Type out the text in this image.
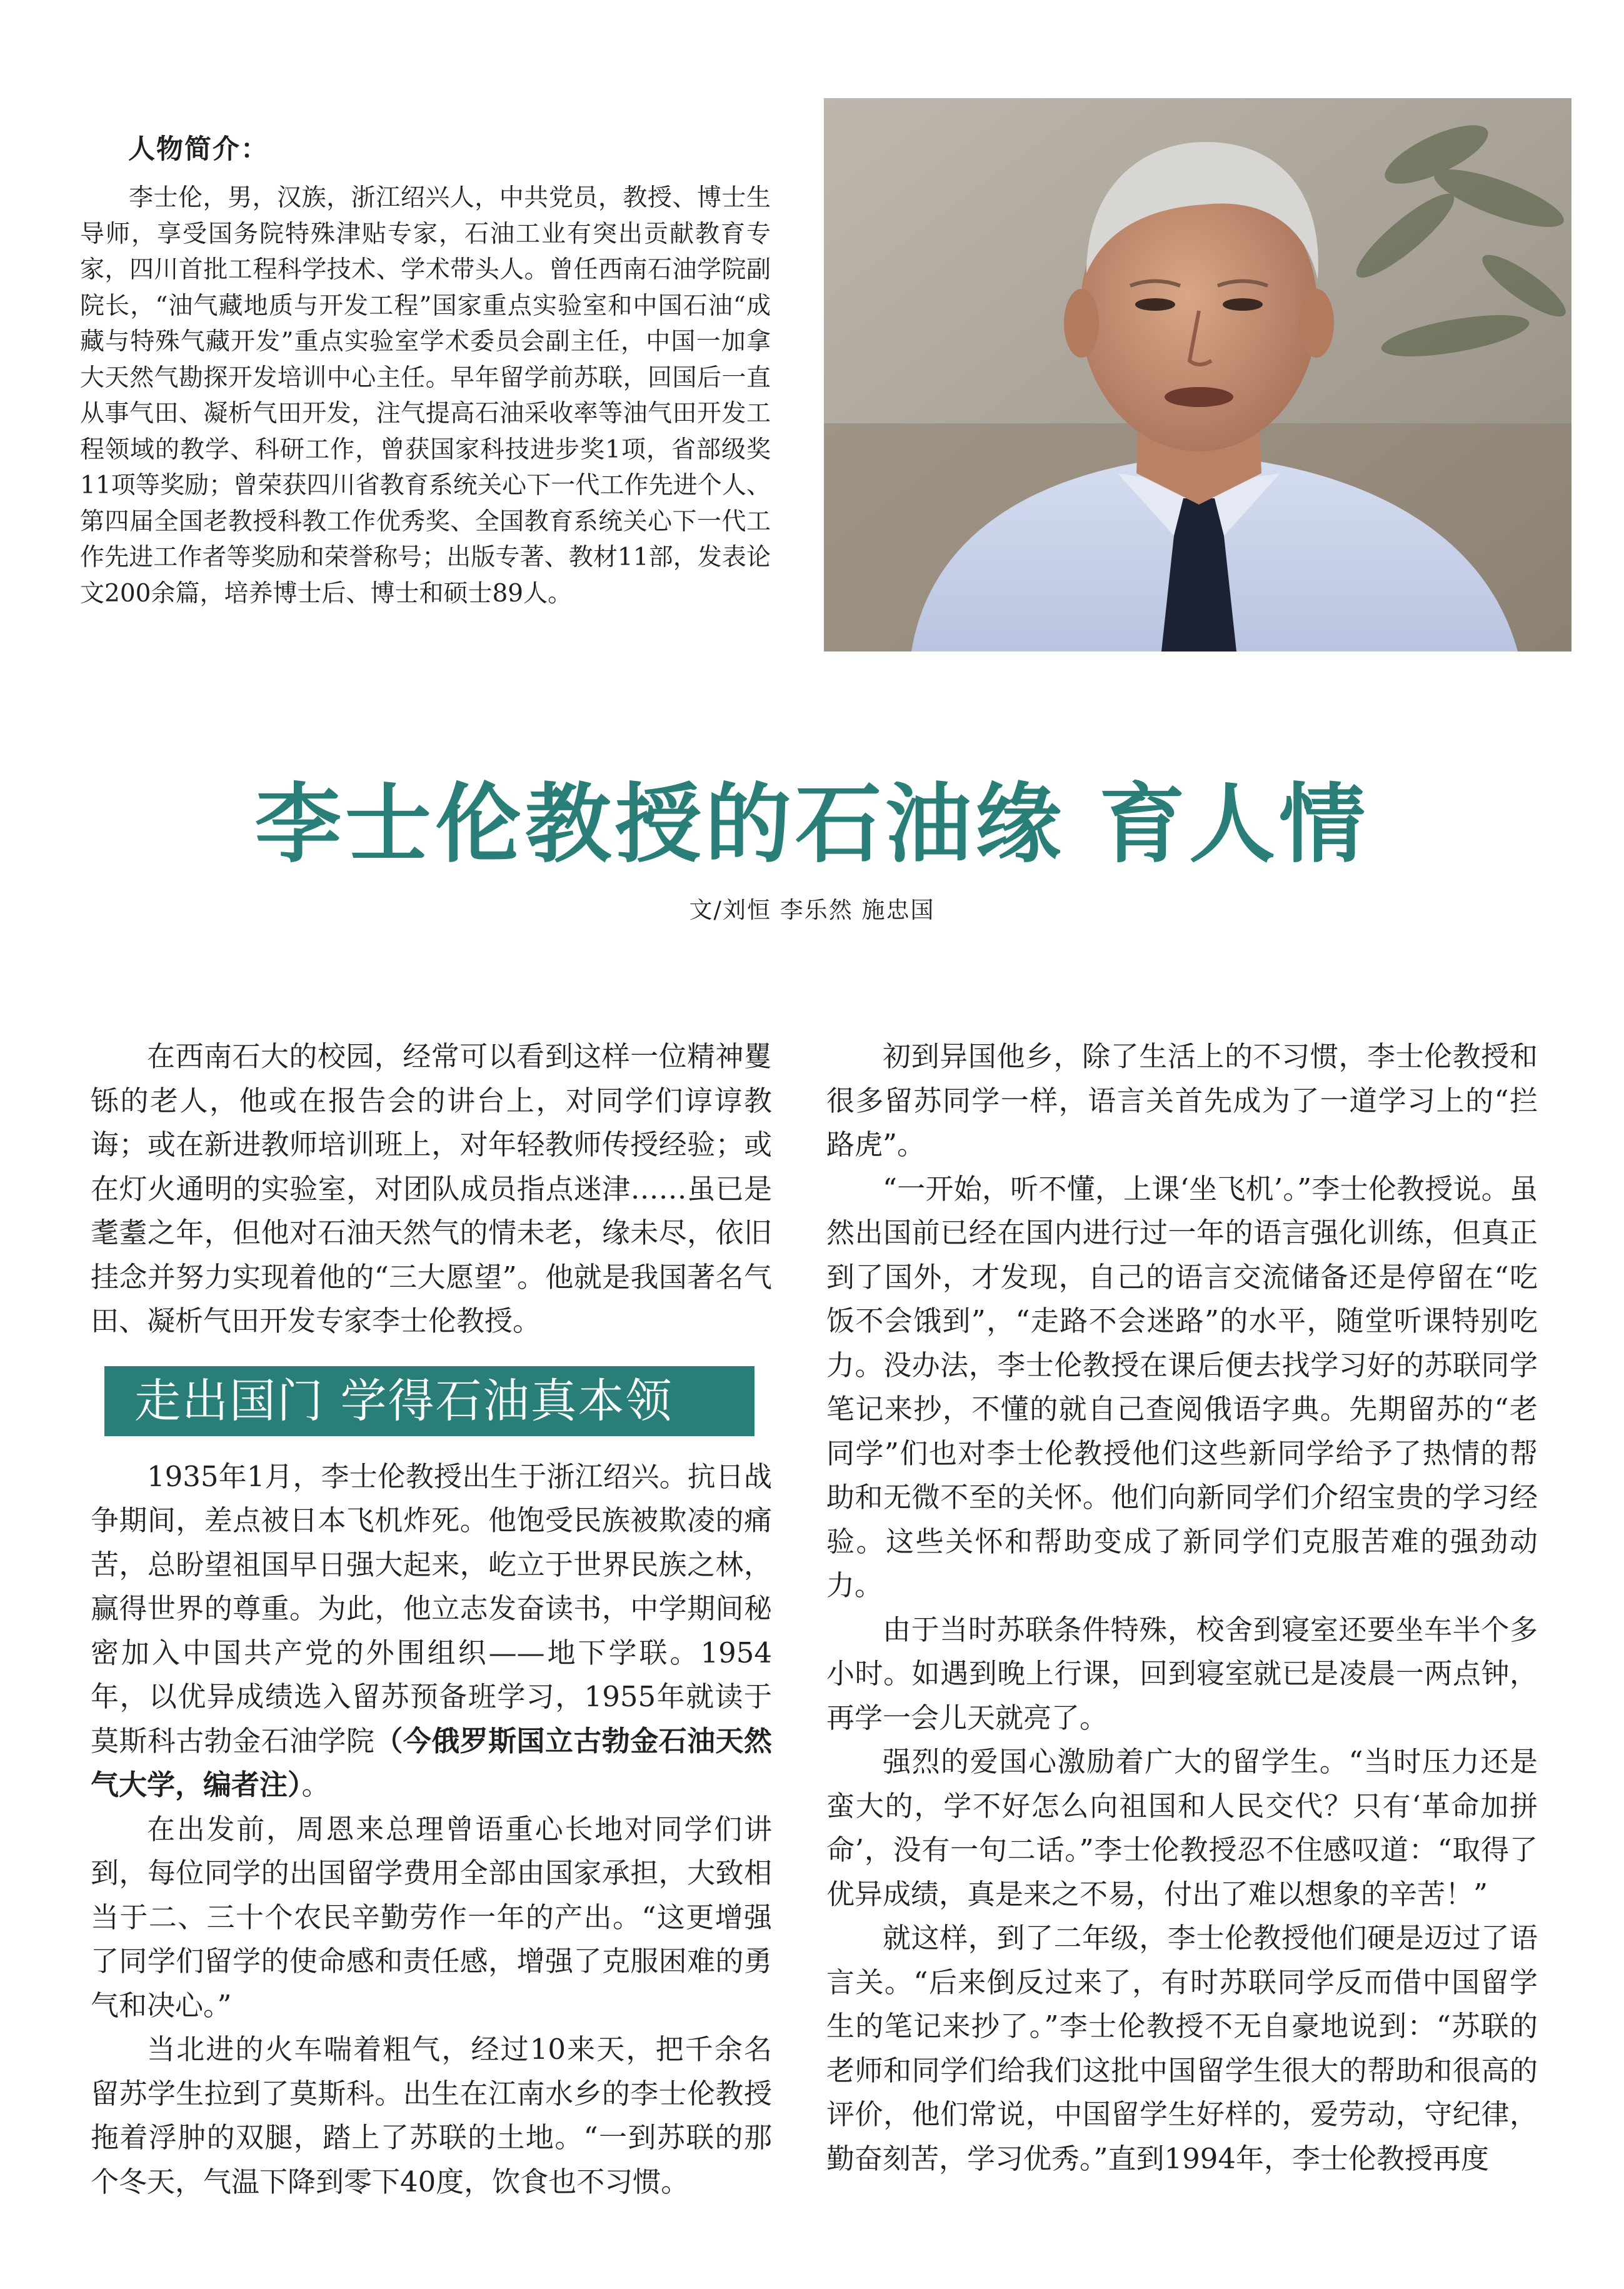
人物简介：
李士伦，男，汉族，浙江绍兴人，中共党员，教授、博士生导师，享受国务院特殊津贴专家，石油工业有突出贡献教育专家，四川首批工程科学技术、学术带头人。曾任西南石油学院副院长，“油气藏地质与开发工程”国家重点实验室和中国石油“成藏与特殊气藏开发”重点实验室学术委员会副主任，中国一加拿大天然气勘探开发培训中心主任。早年留学前苏联，回国后一直从事气田、凝析气田开发，注气提高石油采收率等油气田开发工程领域的教学、科研工作，曾获国家科技进步奖1项，省部级奖11项等奖励；曾荣获四川省教育系统关心下一代工作先进个人、第四届全国老教授科教工作优秀奖、全国教育系统关心下一代工作先进工作者等奖励和荣誉称号；出版专著、教材11部，发表论文200余篇，培养博士后、博士和硕士89人。
李士伦教授的石油缘 育人情
文/刘恒 李乐然 施忠国

在西南石大的校园，经常可以看到这样一位精神矍铄的老人，他或在报告会的讲台上，对同学们谆谆教诲；或在新进教师培训班上，对年轻教师传授经验；或在灯火通明的实验室，对团队成员指点迷津……虽已是耄耋之年，但他对石油天然气的情未老，缘未尽，依旧挂念并努力实现着他的“三大愿望”。他就是我国著名气田、凝析气田开发专家李士伦教授。

走出国门 学得石油真本领

1935年1月，李士伦教授出生于浙江绍兴。抗日战争期间，差点被日本飞机炸死。他饱受民族被欺凌的痛苦，总盼望祖国早日强大起来，屹立于世界民族之林，赢得世界的尊重。为此，他立志发奋读书，中学期间秘密加入中国共产党的外围组织——地下学联。1954年，以优异成绩选入留苏预备班学习，1955年就读于莫斯科古勃金石油学院（今俄罗斯国立古勃金石油天然气大学，编者注）。

在出发前，周恩来总理曾语重心长地对同学们讲到，每位同学的出国留学费用全部由国家承担，大致相当于二、三十个农民辛勤劳作一年的产出。“这更增强了同学们留学的使命感和责任感，增强了克服困难的勇气和决心。”

当北进的火车喘着粗气，经过10来天，把千余名留苏学生拉到了莫斯科。出生在江南水乡的李士伦教授拖着浮肿的双腿，踏上了苏联的土地。“一到苏联的那个冬天，气温下降到零下40度，饮食也不习惯。

初到异国他乡，除了生活上的不习惯，李士伦教授和很多留苏同学一样，语言关首先成为了一道学习上的“拦路虎”。

“一开始，听不懂，上课‘坐飞机’。”李士伦教授说。虽然出国前已经在国内进行过一年的语言强化训练，但真正到了国外，才发现，自己的语言交流储备还是停留在“吃饭不会饿到”，“走路不会迷路”的水平，随堂听课特别吃力。没办法，李士伦教授在课后便去找学习好的苏联同学笔记来抄，不懂的就自己查阅俄语字典。先期留苏的“老同学”们也对李士伦教授他们这些新同学给予了热情的帮助和无微不至的关怀。他们向新同学们介绍宝贵的学习经验。这些关怀和帮助变成了新同学们克服苦难的强劲动力。

由于当时苏联条件特殊，校舍到寝室还要坐车半个多小时。如遇到晚上行课，回到寝室就已是凌晨一两点钟，再学一会儿天就亮了。

强烈的爱国心激励着广大的留学生。“当时压力还是蛮大的，学不好怎么向祖国和人民交代？只有‘革命加拼命’，没有一句二话。”李士伦教授忍不住感叹道：“取得了优异成绩，真是来之不易，付出了难以想象的辛苦！”

就这样，到了二年级，李士伦教授他们硬是迈过了语言关。“后来倒反过来了，有时苏联同学反而借中国留学生的笔记来抄了。”李士伦教授不无自豪地说到：“苏联的老师和同学们给我们这批中国留学生很大的帮助和很高的评价，他们常说，中国留学生好样的，爱劳动，守纪律，勤奋刻苦，学习优秀。”直到1994年，李士伦教授再度
